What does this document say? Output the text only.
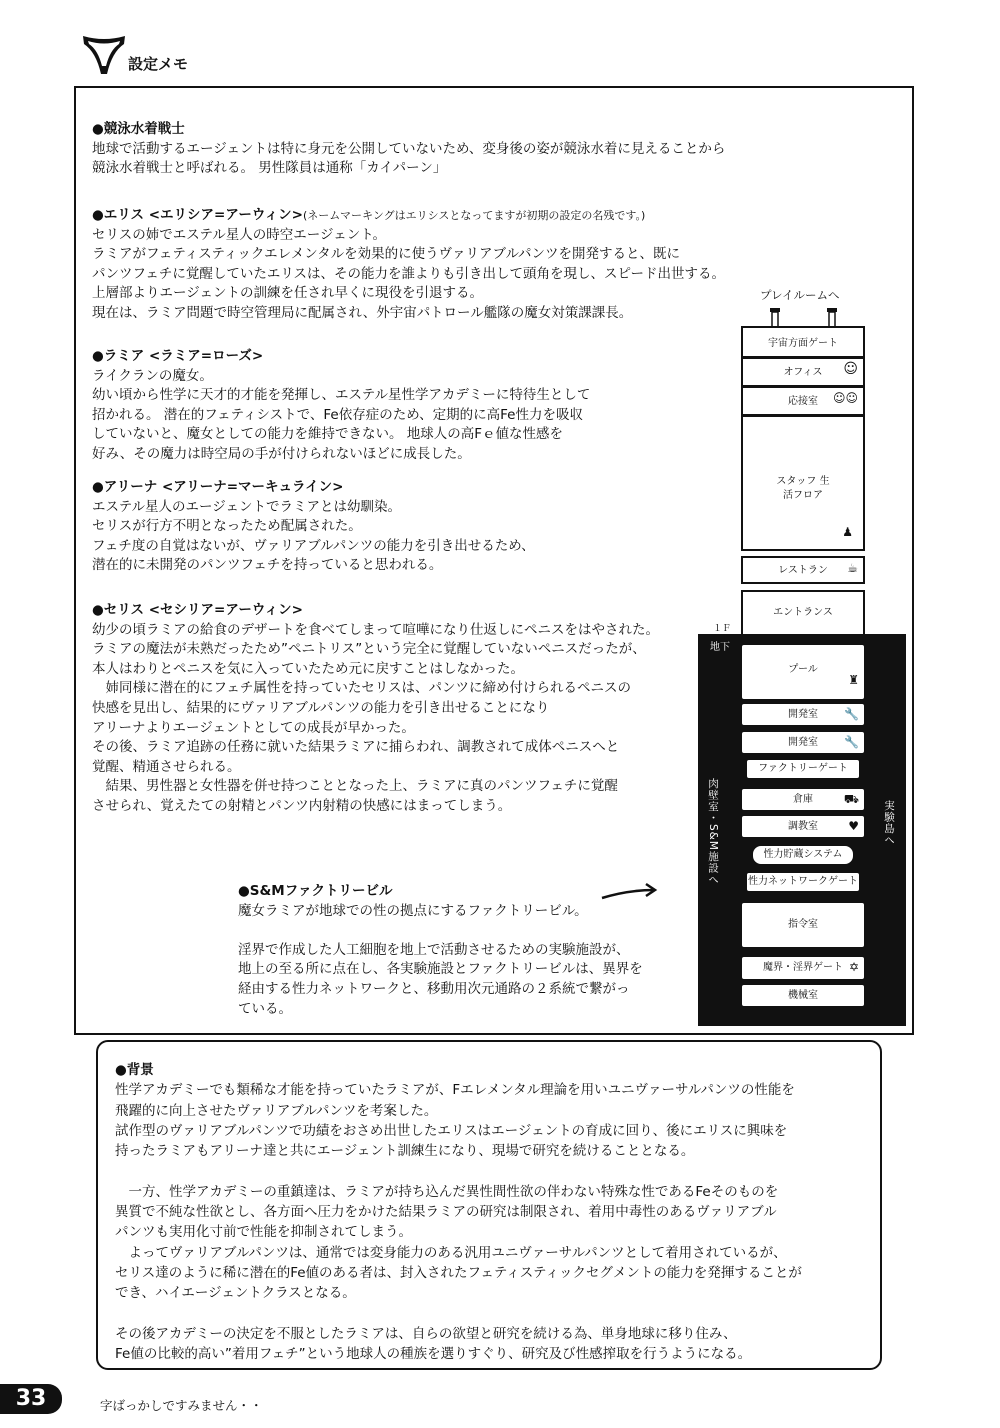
設定メモ
●競泳水着戦士
地球で活動するエージェントは特に身元を公開していないため、変身後の姿が競泳水着に見えることから
競泳水着戦士と呼ばれる。 男性隊員は通称「カイパーン」
●エリス <エリシア=アーウィン>(ネームマーキングはエリシスとなってますが初期の設定の名残です。)
セリスの姉でエステル星人の時空エージェント。
ラミアがフェティスティックエレメンタルを効果的に使うヴァリアブルパンツを開発すると、既に
パンツフェチに覚醒していたエリスは、その能力を誰よりも引き出して頭角を現し、スピード出世する。
上層部よりエージェントの訓練を任され早くに現役を引退する。
現在は、ラミア問題で時空管理局に配属され、外宇宙パトロール艦隊の魔女対策課課長。
●ラミア <ラミア=ローズ>
ライクランの魔女。
幼い頃から性学に天才的才能を発揮し、エステル星性学アカデミーに特待生として
招かれる。 潜在的フェティシストで、Fe依存症のため、定期的に高Fe性力を吸収
していないと、魔女としての能力を維持できない。 地球人の高Fｅ値な性感を
好み、その魔力は時空局の手が付けられないほどに成長した。
●アリーナ <アリーナ=マーキュライン>
エステル星人のエージェントでラミアとは幼馴染。
セリスが行方不明となったため配属された。
フェチ度の自覚はないが、ヴァリアブルパンツの能力を引き出せるため、
潜在的に未開発のパンツフェチを持っていると思われる。
●セリス <セシリア=アーウィン>
幼少の頃ラミアの給食のデザートを食べてしまって喧嘩になり仕返しにペニスをはやされた。
ラミアの魔法が未熟だったため”ペニトリス”という完全に覚醒していないペニスだったが、
本人はわりとペニスを気に入っていたため元に戻すことはしなかった。
　姉同様に潜在的にフェチ属性を持っていたセリスは、パンツに締め付けられるペニスの
快感を見出し、結果的にヴァリアブルパンツの能力を引き出せることになり
アリーナよりエージェントとしての成長が早かった。
その後、ラミア追跡の任務に就いた結果ラミアに捕らわれ、調教されて成体ペニスへと
覚醒、精通させられる。
　結果、男性器と女性器を併せ持つこととなった上、ラミアに真のパンツフェチに覚醒
させられ、覚えたての射精とパンツ内射精の快感にはまってしまう。
●S&Mファクトリービル
魔女ラミアが地球での性の拠点にするファクトリービル。
淫界で作成した人工細胞を地上で活動させるための実験施設が、
地上の至る所に点在し、各実験施設とファクトリービルは、異界を
経由する性力ネットワークと、移動用次元通路の２系統で繋がっ
ている。
プレイルームへ
宇宙方面ゲート
オフィス ☺
応接室 ☺☺
スタッフ 生活フロア
♟
レストラン ☕
エントランス
１Ｆ
地下
肉壁室・S&M施設へ	実験島へ
プール
♜
開発室 🔧
開発室 🔧
ファクトリーゲート
倉庫	⛟
調教室	♥
性力貯蔵システム
性力ネットワークゲート
指令室
魔界・淫界ゲート ✡
機械室
●背景
性学アカデミーでも類稀な才能を持っていたラミアが、Fエレメンタル理論を用いユニヴァーサルパンツの性能を
飛躍的に向上させたヴァリアブルパンツを考案した。
試作型のヴァリアブルパンツで功績をおさめ出世したエリスはエージェントの育成に回り、後にエリスに興味を
持ったラミアもアリーナ達と共にエージェント訓練生になり、現場で研究を続けることとなる。
　一方、性学アカデミーの重鎮達は、ラミアが持ち込んだ異性間性欲の伴わない特殊な性であるFeそのものを
異質で不純な性欲とし、各方面へ圧力をかけた結果ラミアの研究は制限され、着用中毒性のあるヴァリアブル
パンツも実用化寸前で性能を抑制されてしまう。
　よってヴァリアブルパンツは、通常では変身能力のある汎用ユニヴァーサルパンツとして着用されているが、
セリス達のように稀に潜在的Fe値のある者は、封入されたフェティスティックセグメントの能力を発揮することが
でき、ハイエージェントクラスとなる。
その後アカデミーの決定を不服としたラミアは、自らの欲望と研究を続ける為、単身地球に移り住み、
Fe値の比較的高い”着用フェチ”という地球人の種族を選りすぐり、研究及び性感搾取を行うようになる。
33	字ばっかしですみません・・
